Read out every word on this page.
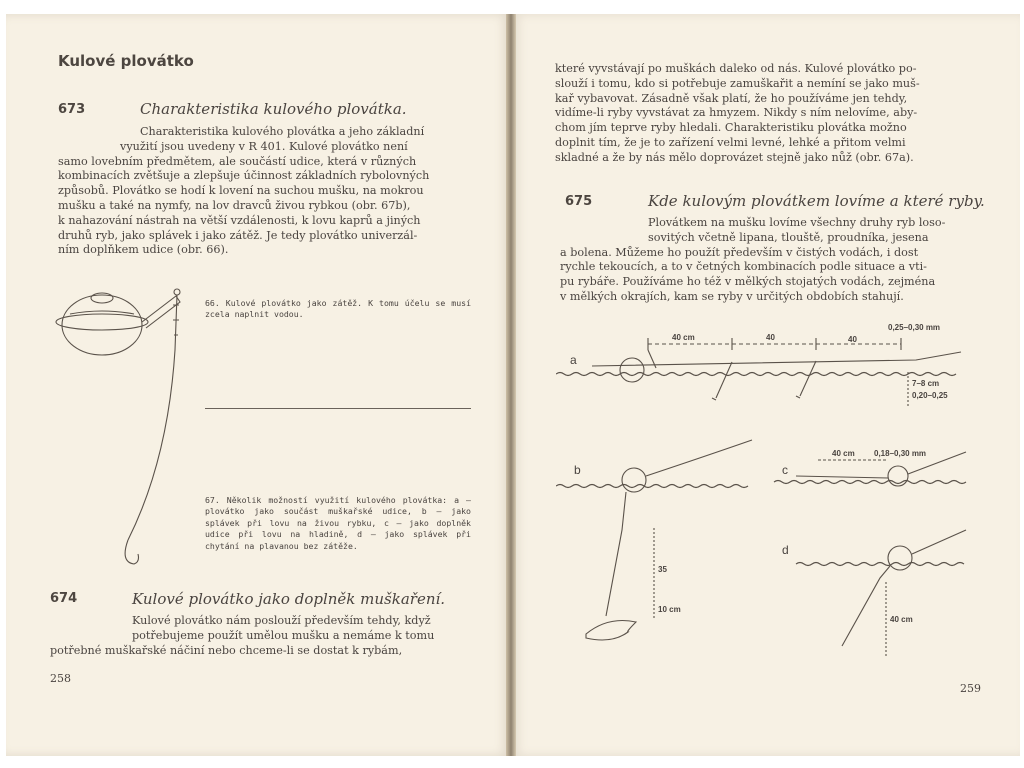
Kulové plovátko
673	Charakteristika kulového plovátka.

Charakteristika kulového plovátka a jeho základní

využití jsou uvedeny v R 401. Kulové plovátko není

samo lovebním předmětem, ale součástí udice, která v různých

kombinacích zvětšuje a zlepšuje účinnost základních rybolovných

způsobů. Plovátko se hodí k lovení na suchou mušku, na mokrou

mušku a také na nymfy, na lov dravců živou rybkou (obr. 67b),

k nahazování nástrah na větší vzdálenosti, k lovu kaprů a jiných

druhů ryb, jako splávek i jako zátěž. Je tedy plovátko univerzál-

ním doplňkem udice (obr. 66).

66. Kulové plovátko jako zátěž. K tomu účelu se musí zcela naplnit vodou.
67. Několik možností využití kulového plovátka: a — plovátko jako součást muškařské udice, b — jako splávek při lovu na živou rybku, c — jako doplněk udice při lovu na hladině, d — jako splávek při chytání na plavanou bez zátěže.
674	Kulové plovátko jako doplněk muškaření.

Kulové plovátko nám poslouží především tehdy, když

potřebujeme použít umělou mušku a nemáme k tomu

potřebné muškařské náčiní nebo chceme-li se dostat k rybám,

258

které vyvstávají po muškách daleko od nás. Kulové plovátko po-

slouží i tomu, kdo si potřebuje zamuškařit a nemíní se jako muš-

kař vybavovat. Zásadně však platí, že ho používáme jen tehdy,

vidíme-li ryby vyvstávat za hmyzem. Nikdy s ním nelovíme, aby-

chom jím teprve ryby hledali. Charakteristiku plovátka možno

doplnit tím, že je to zařízení velmi levné, lehké a přitom velmi

skladné a že by nás mělo doprovázet stejně jako nůž (obr. 67a).

675	Kde kulovým plovátkem lovíme a které ryby.

Plovátkem na mušku lovíme všechny druhy ryb loso-

sovitých včetně lipana, tlouště, proudníka, jesena

a bolena. Můžeme ho použít především v čistých vodách, i dost

rychle tekoucích, a to v četných kombinacích podle situace a vti-

pu rybáře. Používáme ho též v mělkých stojatých vodách, zejména

v mělkých okrajích, kam se ryby v určitých obdobích stahují.

a
40 cm	40	40
0,25–0,30 mm
7–8 cm
0,20–0,25
b
35
10 cm
c
40 cm 0,18–0,30 mm
d
40 cm
259
